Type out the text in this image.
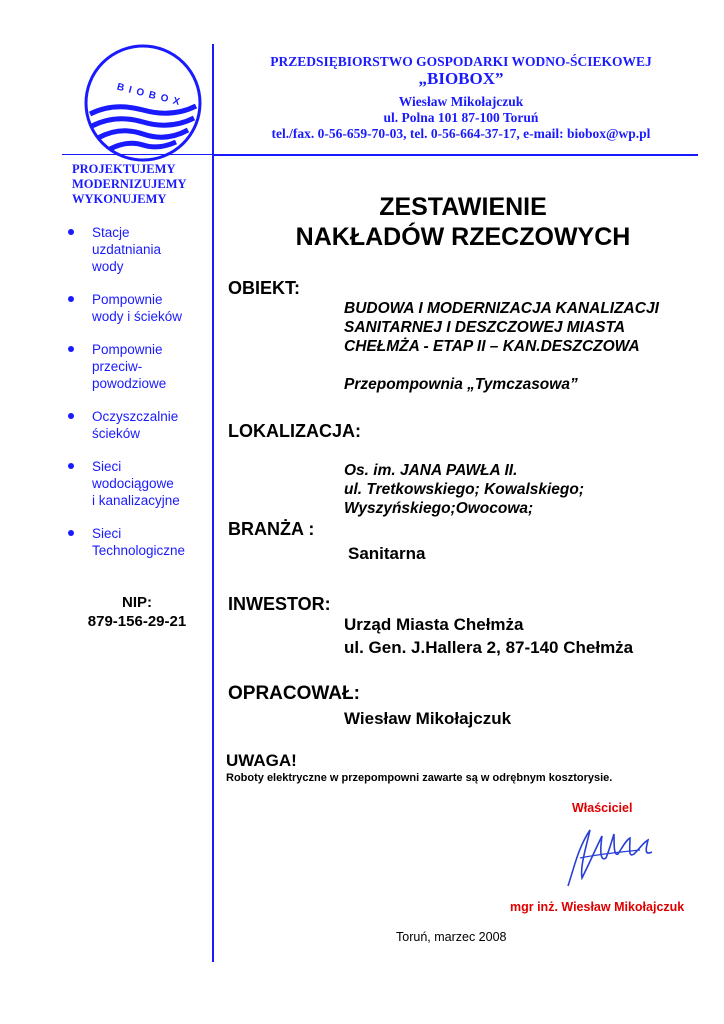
BIOBOX
PRZEDSIĘBIORSTWO GOSPODARKI WODNO-ŚCIEKOWEJ
„BIOBOX”
Wiesław Mikołajczuk
ul. Polna 101 87-100 Toruń
tel./fax. 0-56-659-70-03, tel. 0-56-664-37-17, e-mail: biobox@wp.pl
PROJEKTUJEMY
MODERNIZUJEMY
WYKONUJEMY
Stacje
uzdatniania
wody
Pompownie
wody i ścieków
Pompownie
przeciw-
powodziowe
Oczyszczalnie
ścieków
Sieci
wodociągowe
i kanalizacyjne
Sieci
Technologiczne
NIP:
879-156-29-21
ZESTAWIENIE
NAKŁADÓW RZECZOWYCH
OBIEKT:
BUDOWA I MODERNIZACJA KANALIZACJI
SANITARNEJ I DESZCZOWEJ MIASTA
CHEŁMŻA - ETAP II – KAN.DESZCZOWA
Przepompownia „Tymczasowa”
LOKALIZACJA:
Os. im. JANA PAWŁA II.
ul. Tretkowskiego; Kowalskiego;
Wyszyńskiego;Owocowa;
BRANŻA :
Sanitarna
INWESTOR:
Urząd Miasta Chełmża
ul. Gen. J.Hallera 2, 87-140 Chełmża
OPRACOWAŁ:
Wiesław Mikołajczuk
UWAGA!
Roboty elektryczne w przepompowni zawarte są w odrębnym kosztorysie.
Właściciel
mgr inż. Wiesław Mikołajczuk
Toruń, marzec 2008
